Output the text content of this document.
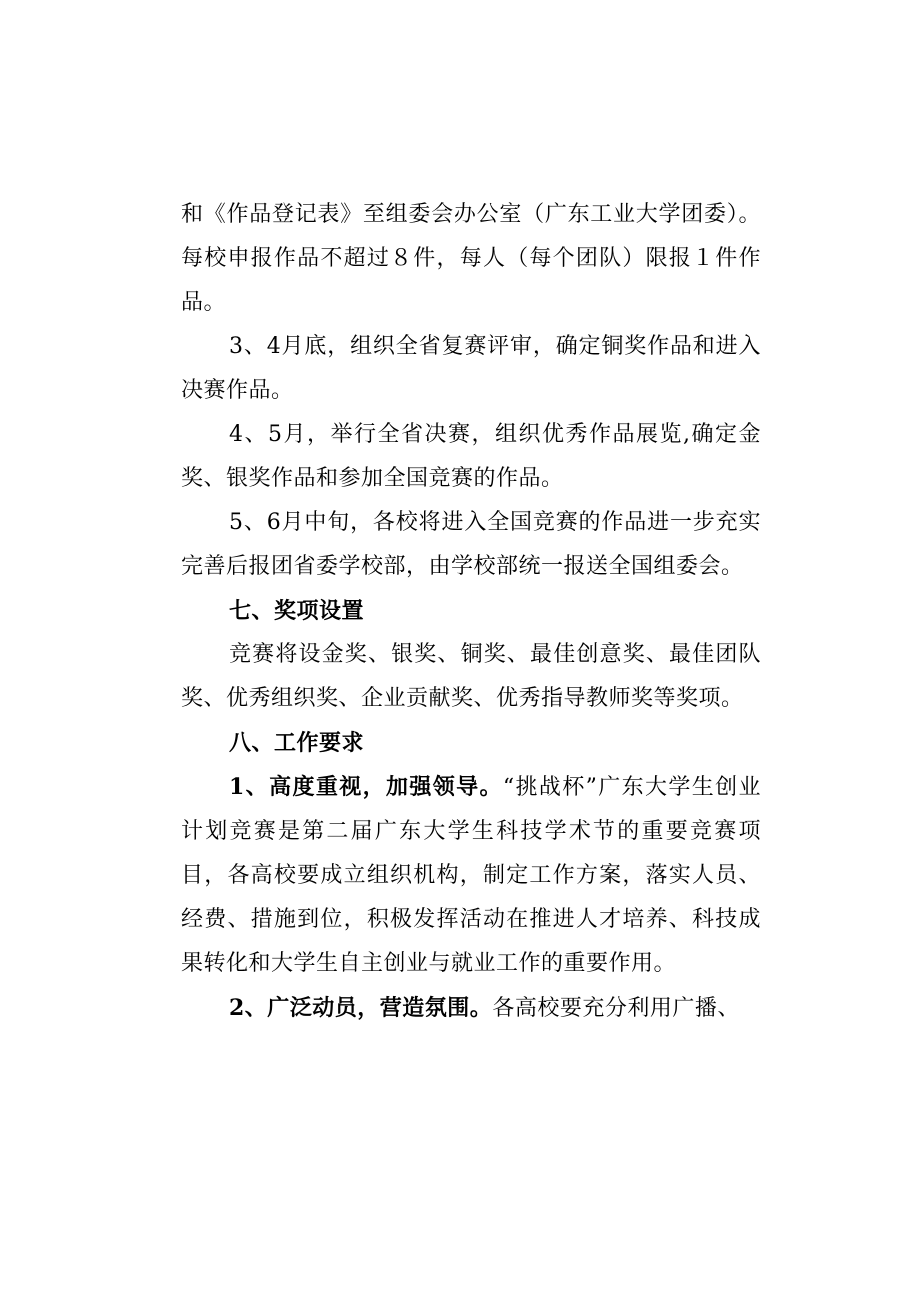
和《作品登记表》至组委会办公室（广东工业大学团委）。每校申报作品不超过８件，每人（每个团队）限报１件作品。

3、4月底，组织全省复赛评审，确定铜奖作品和进入决赛作品。

4、5月，举行全省决赛，组织优秀作品展览,确定金奖、银奖作品和参加全国竞赛的作品。

5、6月中旬，各校将进入全国竞赛的作品进一步充实完善后报团省委学校部，由学校部统一报送全国组委会。

七、奖项设置

竞赛将设金奖、银奖、铜奖、最佳创意奖、最佳团队奖、优秀组织奖、企业贡献奖、优秀指导教师奖等奖项。

八、工作要求

1、高度重视，加强领导。“挑战杯”广东大学生创业计划竞赛是第二届广东大学生科技学术节的重要竞赛项目，各高校要成立组织机构，制定工作方案，落实人员、经费、措施到位，积极发挥活动在推进人才培养、科技成果转化和大学生自主创业与就业工作的重要作用。

2、广泛动员，营造氛围。各高校要充分利用广播、
